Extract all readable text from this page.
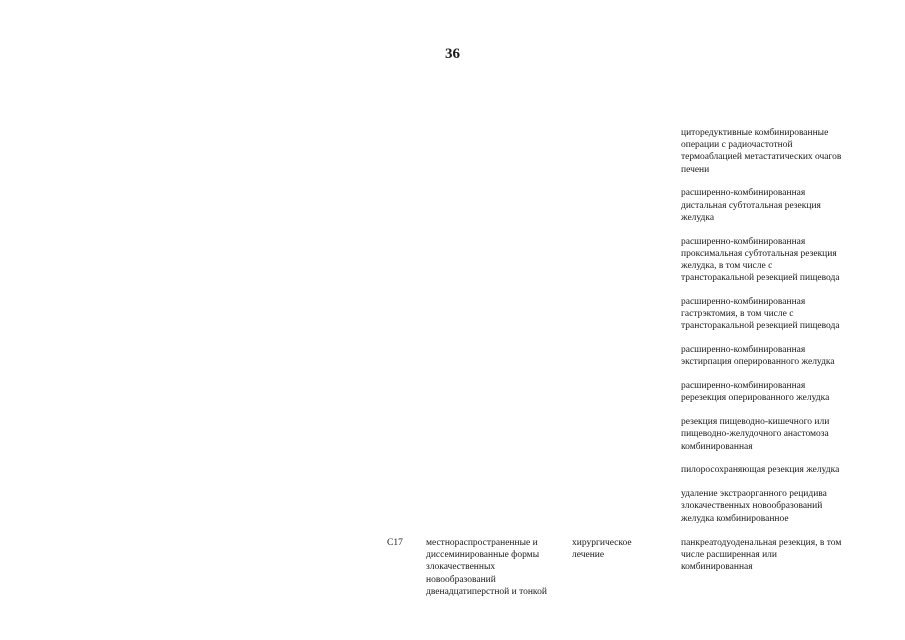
36
циторедуктивные комбинированные
операции с радиочастотной
термоаблацией метастатических очагов
печени
расширенно-комбинированная
дистальная субтотальная резекция
желудка
расширенно-комбинированная
проксимальная субтотальная резекция
желудка, в том числе с
трансторакальной резекцией пищевода
расширенно-комбинированная
гастрэктомия, в том числе с
трансторакальной резекцией пищевода
расширенно-комбинированная
экстирпация оперированного желудка
расширенно-комбинированная
ререзекция оперированного желудка
резекция пищеводно-кишечного или
пищеводно-желудочного анастомоза
комбинированная
пилоросохраняющая резекция желудка
удаление экстраорганного рецидива
злокачественных новообразований
желудка комбинированное
C17	местнораспространенные и
диссеминированные формы
злокачественных
новообразований
двенадцатиперстной и тонкой
хирургическое
лечение
панкреатодуоденальная резекция, в том
числе расширенная или
комбинированная
